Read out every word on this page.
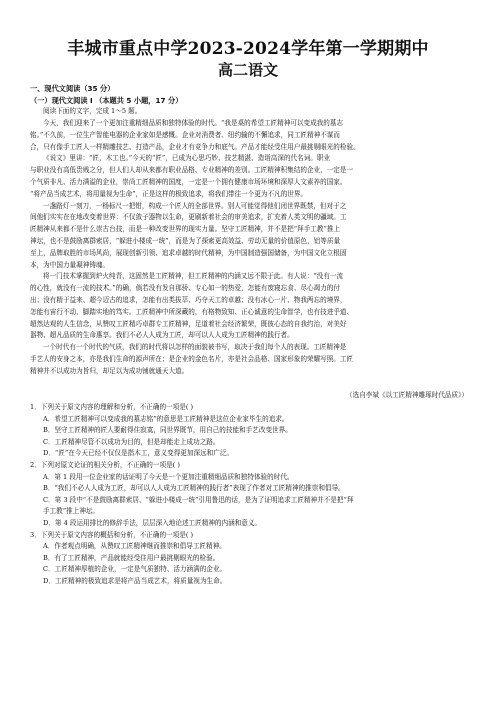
丰城市重点中学2023-2024学年第一学期期中
高二语文
一、现代文阅读（35 分）
（一）现代文阅读 I （本题共 5 小题，17 分）
阅读下面的文字，完成 1～5 题。
今天，我们迎来了一个更加注重精细品质和独特体验的时代。“我是桌的希望工匠精神可以变成我的墓志
铭。”不久前，一位生产智能电器的企业家如是感慨。企业对消费者、纽约输的不懈追求，同工匠精神不谋而
合，只有像手工匠人一样精雕技艺、打造产品，企业才有竞争力和底气。产品才能经受住用户最挑剔眼光的检验。
《说文》里讲：“匠，木工也。”今天的“匠”，已成为心思巧妙、技艺精湛、造诣高深的代名词。职业
与职业没有高低贵贱之分，但人们人却从来都有职业品格、专业精神的差别。工匠精神积集结的企业，一定是一
个气质非凡、活力满溢的企业，崇尚工匠精神的国度，一定是一个拥有健康市场环境和深厚人文素养的国家。
“将产品当成艺术，将用量视为生命”，正是这样的极致追求，将我们带往一个更为不凡的世界。
一盏路灯一刻刀，一杨标尺一把钳，构成一个匠人的全部世界。别人可能觉得他们闭世界既禁，但对于之
间他们实实在在地改变着世界：不仅敛子器物以生命，更刷新着社会的审美追求，扩充着人类文明的疆域。工
匠精神从来都不是什么崇古台技，而是一种改变世界的现实力量。坚守工匠精神，并不是把“拜手工教”推上
神坛，也不是鼓励离群索居，“躲进小楼成一统”，而是为了探索更高效益、劳动无量的价值原色，铝等质量
至上，品牌取胜的市场风尚，展现创新引领、追求卓越的时代精神，为中国制造强国储备，为中国文化立根固
本，为中国力量凝神铸魂。
将一门技术掌握到炉火纯青，这固然是工匠精神，但工匠精神的内涵又远不限于此。有人说：“没有一流
的心性，就没有一流的技术。”的确，倘若没有发自那骄、专心如一的热爱，怎能有废寝忘食、尽心竭力的付
出；没有精于益来、超今迈古的追求，怎能有出类拔萃、巧夺天工的卓越；没有冰心一片、物我两忘的境界，
怎能有宙行不动、脚踏实地的笃实。工匠精神中所深藏的，有格物致知、正心诚意的生命智学，也有技进乎道、
超然达观的人生信念，从赞叹工匠精巧卓群专工匠精神，足道着社会经济繁荣，既彼心态的自我约治，对美好
器物、超凡品质的生命惠享。我们不必人人成为工匠，却可以人人成为工匠精神的践行者。
一个时代有一个时代的气质，我们的时代将以怎样的面貌被书写，取决于我们每个人的表现。工匠精神是
手艺人的安身之本，亦是我们生命的源声所在；是企业的金色名片，亦是社会品格、国家形象的荣耀写照。工匠
精神并不以成功为旨归，却足以为成功铺就通天大道。
（选自李斌《以工匠精神雕琢时代品质》）
1．下列关于原文内容的理解和分析，不正确的一项是( )
A．希望工匠精神可以变成我的墓志铭”的意思是工匠精神是这位企业家毕生的追求。
B．坚守工匠精神的匠人要耐得住寂寞，同世界既节，用自己的技能和手艺改变世界。
C．工匠精神尽管不以成功为目的，但是却能走上成功之路。
D．“匠”在今天已经不仅仅是指木工，意义变得更加深远和广泛。
2．下列对原文论证的相关分析，不正确的一项是( )
A．第 1 段用一位企业家的话证明了今天是一个更加注重精细品质和独特体验的时代。
B．“我们不必人人成为工匠，却可以人人成为工匠精神的践行者”表现了作者对工匠精神的推崇和倡导。
C．第 3 段中“不是鼓励离群索居、“躲进小楼成一统”引用鲁迅的话，是为了证明追求工匠精神并不是把“拜
手工教”推上神坛。
D．第 4 段运用排比的修辞手法，层层深入地论述工匠精神的内涵和意义。
3．下列关于原文内容的概括和分析，不正确的一项是( )
A．作者观点明确，从赞叹工匠精神继而推崇和倡导工匠精神。
B．有了工匠精神，产品就能经受住用户最挑剔眼光的检验。
C．工匠精神厚植的企业，一定是气质独特、活力涵满的企业。
D．工匠精神的极致追求是将产品当成艺术，将质量视为生命。
